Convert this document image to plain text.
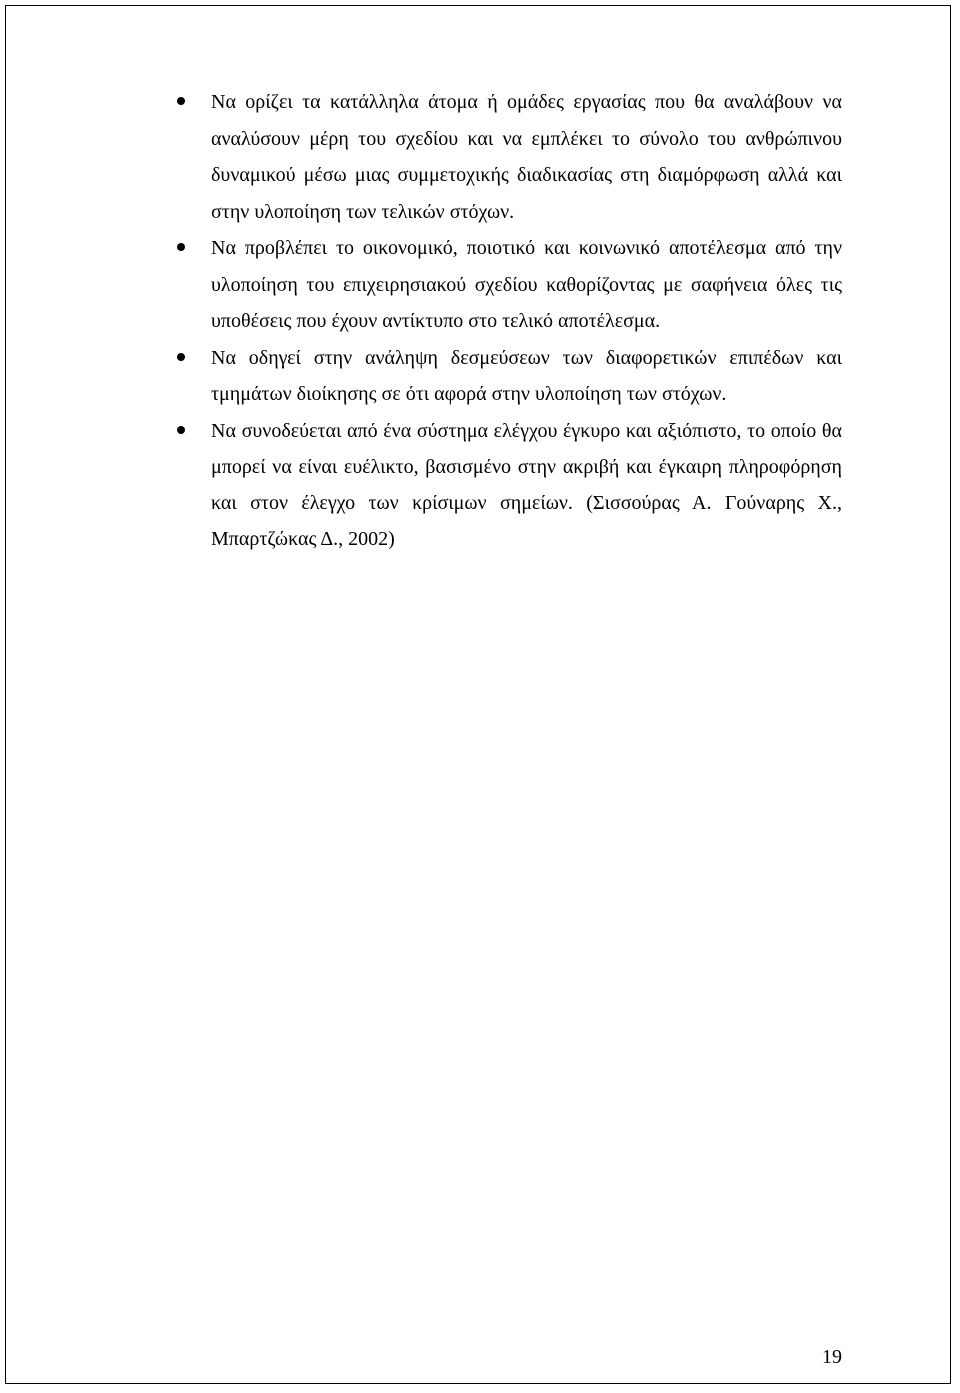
Να ορίζει τα κατάλληλα άτομα ή ομάδες εργασίας που θα αναλάβουν να αναλύσουν μέρη του σχεδίου και να εμπλέκει το σύνολο του ανθρώπινου δυναμικού μέσω μιας συμμετοχικής διαδικασίας στη διαμόρφωση αλλά και στην υλοποίηση των τελικών στόχων.
Να προβλέπει το οικονομικό, ποιοτικό και κοινωνικό αποτέλεσμα από την υλοποίηση του επιχειρησιακού σχεδίου καθορίζοντας με σαφήνεια όλες τις υποθέσεις που έχουν αντίκτυπο στο τελικό αποτέλεσμα.
Να οδηγεί στην ανάληψη δεσμεύσεων των διαφορετικών επιπέδων και τμημάτων διοίκησης σε ότι αφορά στην υλοποίηση των στόχων.
Να συνοδεύεται από ένα σύστημα ελέγχου έγκυρο και αξιόπιστο, το οποίο θα μπορεί να είναι ευέλικτο, βασισμένο στην ακριβή και έγκαιρη πληροφόρηση και στον έλεγχο των κρίσιμων σημείων. (Σισσούρας Α. Γούναρης Χ., Μπαρτζώκας Δ., 2002)
19
